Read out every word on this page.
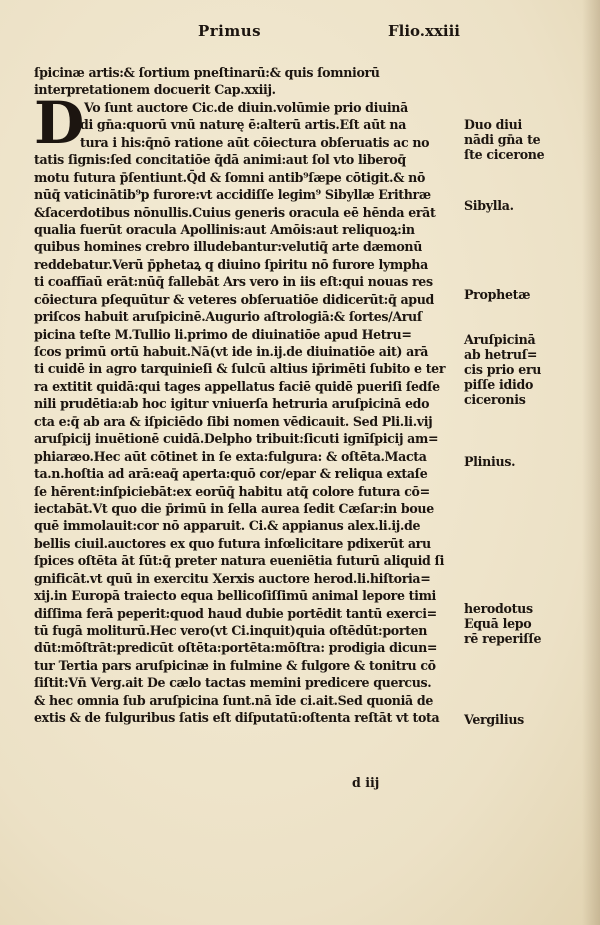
Primus	Flio.xxiii
D
ſpicinæ artis:& ſortium pneſtinarū:& quis ſomniorū
interpretationem docuerit Cap.xxiij.
Vo ſunt auctore Cic.de diuin.volūmie prio diuinā
di gn̄a:quorū vnū naturę ē:alterū artis.Eſt aūt na
tura i his:q̄nō ratione aūt cōiectura obſeruatis ac no
tatis ſignis:ſed concitatiōe q̄dā animi:aut ſol vto liberoq̄
motu futura p̄ſentiunt.Q̄d & ſomni antib⁹ſæpe cōtigit.& nō
nūq̄ vaticinātib⁹p furore:vt accidiſſe legim⁹ Sibyllæ Erithræ
&ſacerdotibus nōnullis.Cuius generis oracula eē hēnda erāt
qualia fuerūt oracula Apollinis:aut Amōis:aut reliquoꝝ:in
quibus homines crebro illudebantur:velutiq̄ arte dæmonū
reddebatur.Verū p̄phetaꝝ q diuino ſpiritu nō furore lympha
ti coaffīaū erāt:nūq̄ fallebāt Ars vero in iis eſt:qui nouas res
cōiectura pſequūtur & veteres obſeruatiōe didicerūt:q̄ apud
priſcos habuit aruſpicinē.Augurio aſtrologiā:& ſortes/Aruſ
picina teſte M.Tullio li.primo de diuinatiōe apud Hetru=
ſcos primū ortū habuit.Nā(vt ide in.ij.de diuinatiōe ait) arā
ti cuidē in agro tarquinieſi & ſulcū altius ip̄rimēti ſubito e ter
ra extitit quidā:qui tages appellatus faciē quidē pueriſi ſedſe
nili prudētia:ab hoc igitur vniuerſa hetruria aruſpicinā edo
cta e:q̄ ab ara & iſpiciēdo ſibi nomen vēdicauit. Sed Pli.li.vij
aruſpicij inuētionē cuidā.Delpho tribuit:ſicuti ignīſpicij am=
phiaræo.Hec aūt cōtinet in ſe exta:fulgura: & oſtēta.Macta
ta.n.hoſtia ad arā:eaq̄ aperta:quō cor/epar & reliqua extaſe
ſe hērent:inſpiciebāt:ex eorūq̄ habitu atq̄ colore futura cō=
iectabāt.Vt quo die p̄rimū in ſella aurea ſedit Cæſar:in boue
quē immolauit:cor nō apparuit. Ci.& appianus alex.li.ij.de
bellis ciuil.auctores ex quo futura infœlicitare pdixerūt aru
ſpices oſtēta āt ſūt:q̄ preter natura eueniētia futurū aliquid ſi
gnificāt.vt quū in exercitu Xerxis auctore herod.li.hiſtoria=
xij.in Europā traiecto equa bellicoſiſſimū animal lepore timi
diſſima ferā peperit:quod haud dubie portēdit tantū exerci=
tū fugā moliturū.Hec vero(vt Ci.inquit)quia oſtēdūt:porten
dūt:mōſtrāt:predicūt oſtēta:portēta:mōſtra: prodigia dicun=
tur Tertia pars aruſpicinæ in fulmine & fulgore & tonitru cō
ſiſtit:Vn̄ Verg.ait De cælo tactas memini predicere quercus.
& hec omnia ſub aruſpicina ſunt.nā īde ci.ait.Sed quoniā de
extis & de fulguribus ſatis eſt diſputatū:oſtenta reſtāt vt tota
Duo diui
nādi gn̄a te
ſte cicerone
Sibylla.
Prophetæ
Aruſpicinā
ab hetruſ=
cis prio eru
piſſe idido
ciceronis
Plinius.
herodotus
Equā lepo
rē reperiſſe
Vergilius
d iij
